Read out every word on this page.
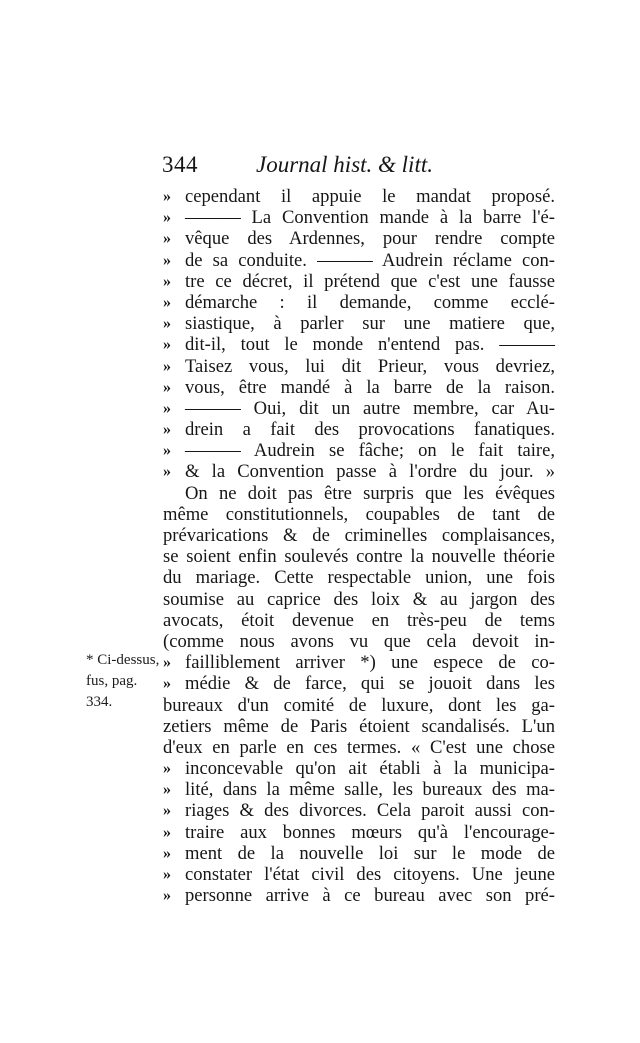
344	Journal hist. & litt.
* Ci-dessus,
fus, pag.
334.
» cependant il appuie le mandat proposé.
» ——— La Convention mande à la barre l'é-
» vêque des Ardennes, pour rendre compte
» de sa conduite. ——— Audrein réclame con-
» tre ce décret, il prétend que c'est une fausse
» démarche : il demande, comme ecclé-
» siastique, à parler sur une matiere que,
» dit-il, tout le monde n'entend pas. ———
» Taisez vous, lui dit Prieur, vous devriez,
» vous, être mandé à la barre de la raison.
» ——— Oui, dit un autre membre, car Au-
» drein a fait des provocations fanatiques.
» ——— Audrein se fâche; on le fait taire,
» & la Convention passe à l'ordre du jour. »
On ne doit pas être surpris que les évêques
même constitutionnels, coupables de tant de
prévarications & de criminelles complaisances,
se soient enfin soulevés contre la nouvelle théorie
du mariage. Cette respectable union, une fois
soumise au caprice des loix & au jargon des
avocats, étoit devenue en très-peu de tems
(comme nous avons vu que cela devoit in-
» failliblement arriver *) une espece de co-
» médie & de farce, qui se jouoit dans les
bureaux d'un comité de luxure, dont les ga-
zetiers même de Paris étoient scandalisés. L'un
d'eux en parle en ces termes. « C'est une chose
» inconcevable qu'on ait établi à la municipa-
» lité, dans la même salle, les bureaux des ma-
» riages & des divorces. Cela paroit aussi con-
» traire aux bonnes mœurs qu'à l'encourage-
» ment de la nouvelle loi sur le mode de
» constater l'état civil des citoyens. Une jeune
» personne arrive à ce bureau avec son pré-
